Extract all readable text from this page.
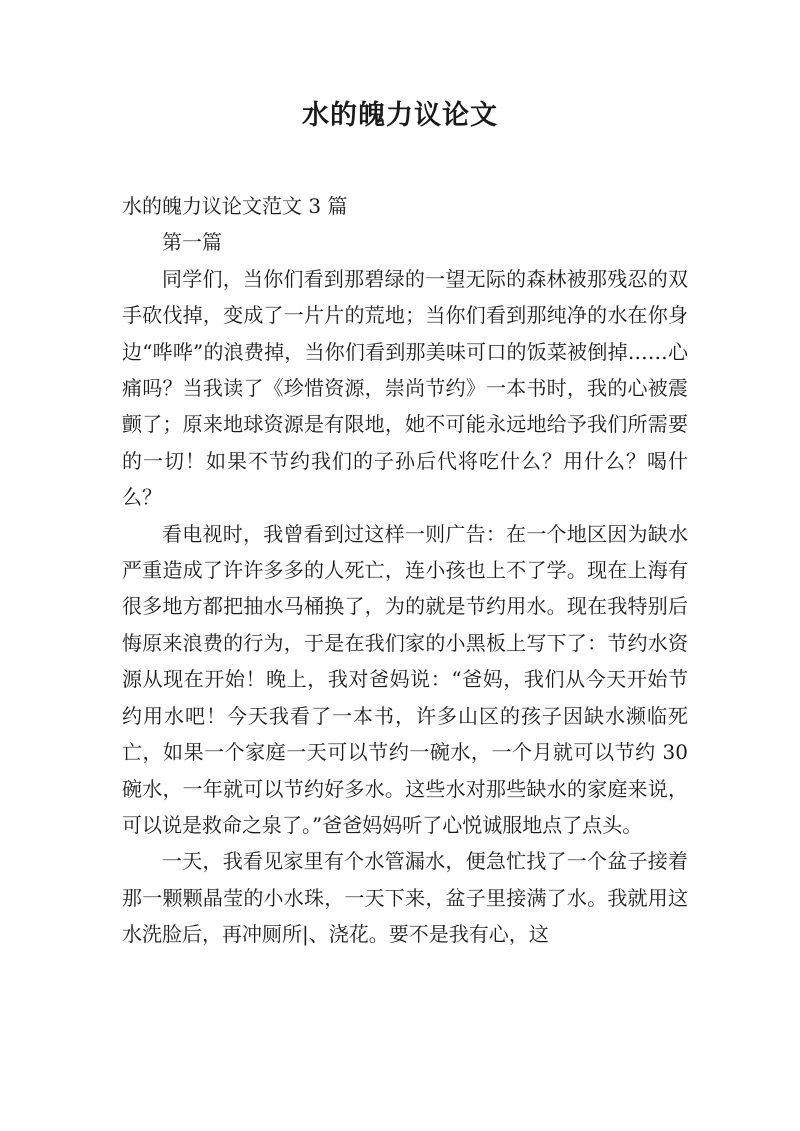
水的魄力议论文

水的魄力议论文范文 3 篇

第一篇

同学们，当你们看到那碧绿的一望无际的森林被那残忍的双手砍伐掉，变成了一片片的荒地；当你们看到那纯净的水在你身边“哗哗”的浪费掉，当你们看到那美味可口的饭菜被倒掉……心痛吗？当我读了《珍惜资源，崇尚节约》一本书时，我的心被震颤了；原来地球资源是有限地，她不可能永远地给予我们所需要的一切！如果不节约我们的子孙后代将吃什么？用什么？喝什么？

看电视时，我曾看到过这样一则广告：在一个地区因为缺水严重造成了许许多多的人死亡，连小孩也上不了学。现在上海有很多地方都把抽水马桶换了，为的就是节约用水。现在我特别后悔原来浪费的行为，于是在我们家的小黑板上写下了：节约水资源从现在开始！晚上，我对爸妈说：“爸妈，我们从今天开始节约用水吧！今天我看了一本书，许多山区的孩子因缺水濒临死亡，如果一个家庭一天可以节约一碗水，一个月就可以节约 30 碗水，一年就可以节约好多水。这些水对那些缺水的家庭来说，可以说是救命之泉了。”爸爸妈妈听了心悦诚服地点了点头。

一天，我看见家里有个水管漏水，便急忙找了一个盆子接着那一颗颗晶莹的小水珠，一天下来，盆子里接满了水。我就用这水洗脸后，再冲厕所|、浇花。要不是我有心，这
